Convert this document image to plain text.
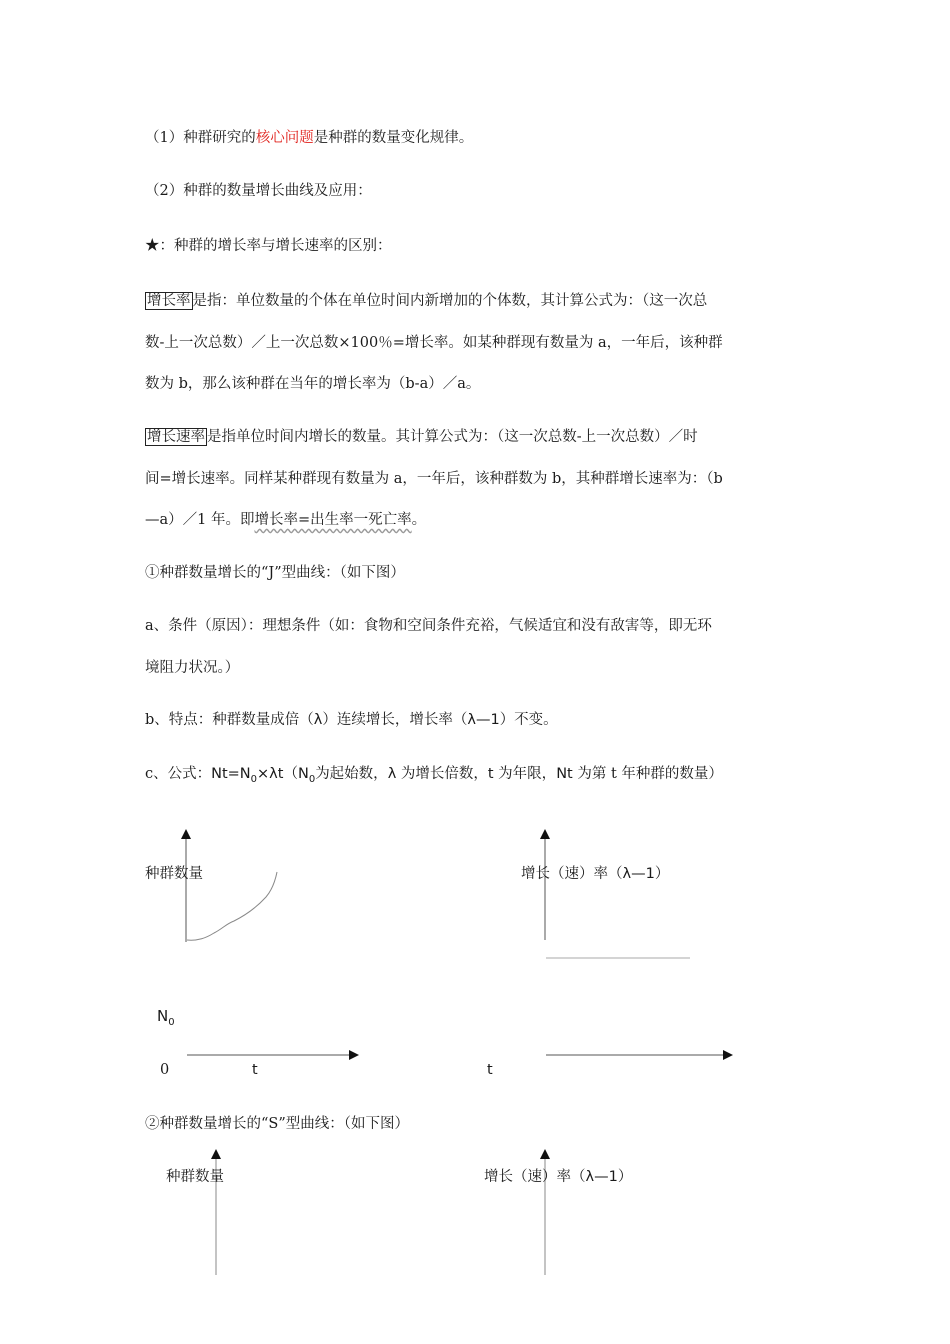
（1）种群研究的核心问题是种群的数量变化规律。
（2）种群的数量增长曲线及应用：
★：种群的增长率与增长速率的区别：
增长率 是指：单位数量的个体在单位时间内新增加的个体数，其计算公式为：（这一次总
数-上一次总数）／上一次总数×100％=增长率。如某种群现有数量为 a，一年后，该种群
数为 b，那么该种群在当年的增长率为（b-a）／a。
增长速率 是指单位时间内增长的数量。其计算公式为：（这一次总数-上一次总数）／时
间=增长速率。同样某种群现有数量为 a，一年后，该种群数为 b，其种群增长速率为：（b
—a）／1 年。即增长率=出生率一死亡率。
①种群数量增长的“J”型曲线：（如下图）
a、条件（原因）：理想条件（如：食物和空间条件充裕，气候适宜和没有敌害等，即无环
境阻力状况。）
b、特点：种群数量成倍（λ）连续增长，增长率（λ—1）不变。
c、公式：$Nt=N_0\times\lambda t(N_0$为起始数，λ 为增长倍数，t 为年限，Nt 为第 t 年种群的数量）
种群数量	增长（速）率（λ—1）
$N_0$
0	t	t
②种群数量增长的“S”型曲线：（如下图）
种群数量	增长（速）率（λ—1）
